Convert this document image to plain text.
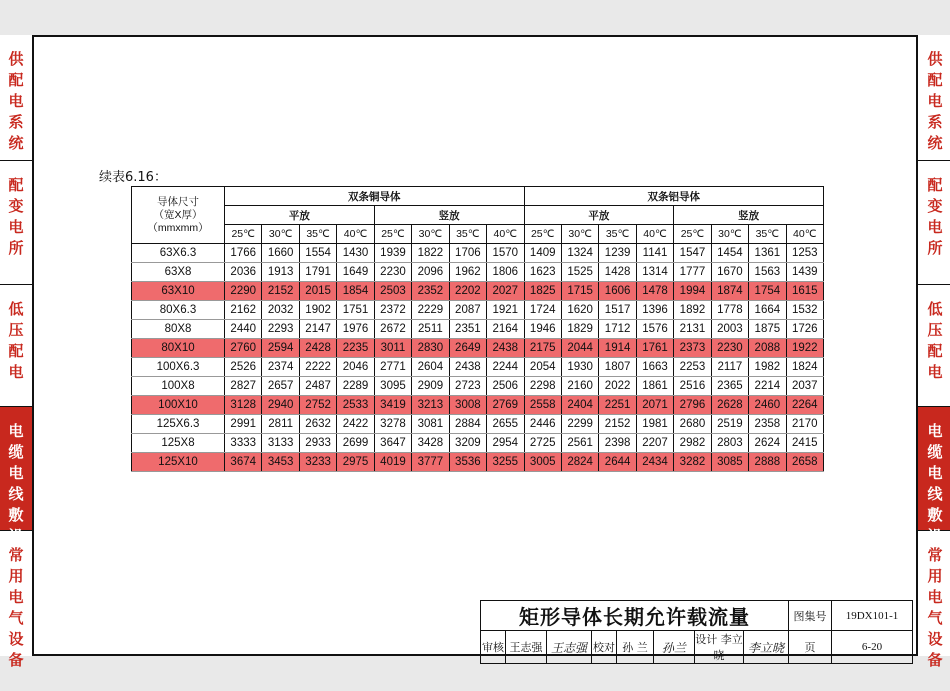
供
配
电
系
统
配
变
电
所
低
压
配
电
电
缆
电
线
敷
设
常
用
电
气
设
备
供
配
电
系
统
配
变
电
所
低
压
配
电
电
缆
电
线
敷
设
常
用
电
气
设
备
续表6.16：
导体尺寸
（宽X厚）
（mmxmm）	双条铜导体								双条铝导体							
	平放				竖放				平放				竖放			
	25℃	30℃	35℃	40℃	25℃	30℃	35℃	40℃	25℃	30℃	35℃	40℃	25℃	30℃	35℃	40℃
63X6.3	1766	1660	1554	1430	1939	1822	1706	1570	1409	1324	1239	1141	1547	1454	1361	1253
63X8	2036	1913	1791	1649	2230	2096	1962	1806	1623	1525	1428	1314	1777	1670	1563	1439
63X10	2290	2152	2015	1854	2503	2352	2202	2027	1825	1715	1606	1478	1994	1874	1754	1615
80X6.3	2162	2032	1902	1751	2372	2229	2087	1921	1724	1620	1517	1396	1892	1778	1664	1532
80X8	2440	2293	2147	1976	2672	2511	2351	2164	1946	1829	1712	1576	2131	2003	1875	1726
80X10	2760	2594	2428	2235	3011	2830	2649	2438	2175	2044	1914	1761	2373	2230	2088	1922
100X6.3	2526	2374	2222	2046	2771	2604	2438	2244	2054	1930	1807	1663	2253	2117	1982	1824
100X8	2827	2657	2487	2289	3095	2909	2723	2506	2298	2160	2022	1861	2516	2365	2214	2037
100X10	3128	2940	2752	2533	3419	3213	3008	2769	2558	2404	2251	2071	2796	2628	2460	2264
125X6.3	2991	2811	2632	2422	3278	3081	2884	2655	2446	2299	2152	1981	2680	2519	2358	2170
125X8	3333	3133	2933	2699	3647	3428	3209	2954	2725	2561	2398	2207	2982	2803	2624	2415
125X10	3674	3453	3233	2975	4019	3777	3536	3255	3005	2824	2644	2434	3282	3085	2888	2658
矩形导体长期允许载流量								图集号	19DX101-1
审核	王志强	王志强	校对	孙 兰	孙兰	设计 李立晓	李立晓	页	6-20
